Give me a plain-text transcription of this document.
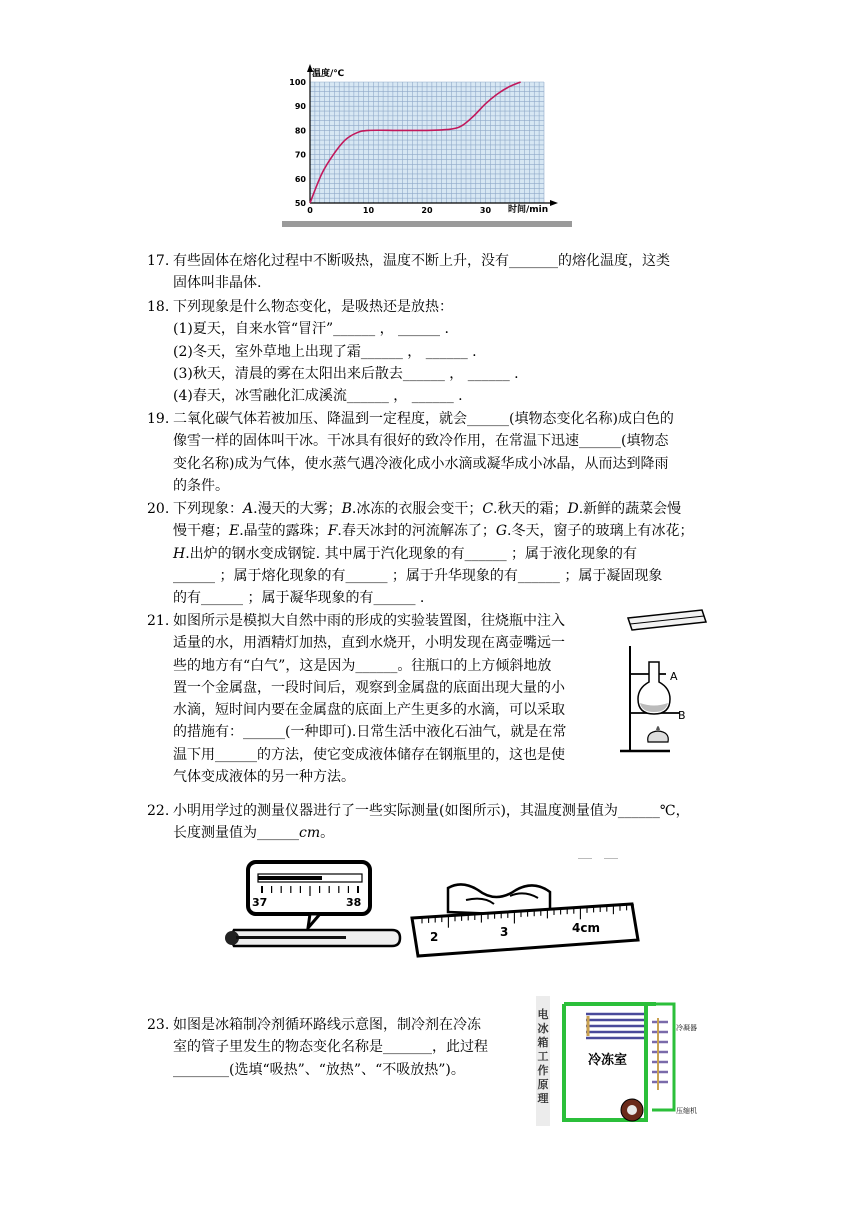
温度/℃
时间/min
50
60
70
80
90
100
0	10	20	30
17. 有些固体在熔化过程中不断吸热，温度不断上升，没有_______的熔化温度，这类
固体叫非晶体.
18. 下列现象是什么物态变化，是吸热还是放热：
(1)夏天，自来水管“冒汗”______ ， ______ .
(2)冬天，室外草地上出现了霜______ ， ______ .
(3)秋天，清晨的雾在太阳出来后散去______ ， ______ .
(4)春天，冰雪融化汇成溪流______ ， ______ .
19. 二氧化碳气体若被加压、降温到一定程度，就会______(填物态变化名称)成白色的
像雪一样的固体叫干冰。干冰具有很好的致冷作用，在常温下迅速______(填物态
变化名称)成为气体，使水蒸气遇冷液化成小水滴或凝华成小冰晶，从而达到降雨
的条件。
20. 下列现象：A.漫天的大雾；B.冰冻的衣服会变干；C.秋天的霜；D.新鲜的蔬菜会慢
慢干瘪；E.晶莹的露珠；F.春天冰封的河流解冻了；G.冬天，窗子的玻璃上有冰花；
H.出炉的钢水变成钢锭. 其中属于汽化现象的有______ ；属于液化现象的有
______ ；属于熔化现象的有______ ；属于升华现象的有______ ；属于凝固现象
的有______ ；属于凝华现象的有______ .
21. 如图所示是模拟大自然中雨的形成的实验装置图，往烧瓶中注入
适量的水，用酒精灯加热，直到水烧开，小明发现在离壶嘴远一
些的地方有“白气”，这是因为______。往瓶口的上方倾斜地放
置一个金属盘，一段时间后，观察到金属盘的底面出现大量的小
水滴，短时间内要在金属盘的底面上产生更多的水滴，可以采取
的措施有：______(一种即可).日常生活中液化石油气，就是在常
温下用______的方法，使它变成液体储存在钢瓶里的，这也是使
气体变成液体的另一种方法。
A
B
22. 小明用学过的测量仪器进行了一些实际测量(如图所示)，其温度测量值为______℃，
长度测量值为______cm。
37	38
2	3	4cm
23. 如图是冰箱制冷剂循环路线示意图，制冷剂在冷冻
室的管子里发生的物态变化名称是_______，此过程
________(选填“吸热”、“放热”、“不吸放热”)。
电冰箱工作原理
冷冻室
冷凝器
压缩机
